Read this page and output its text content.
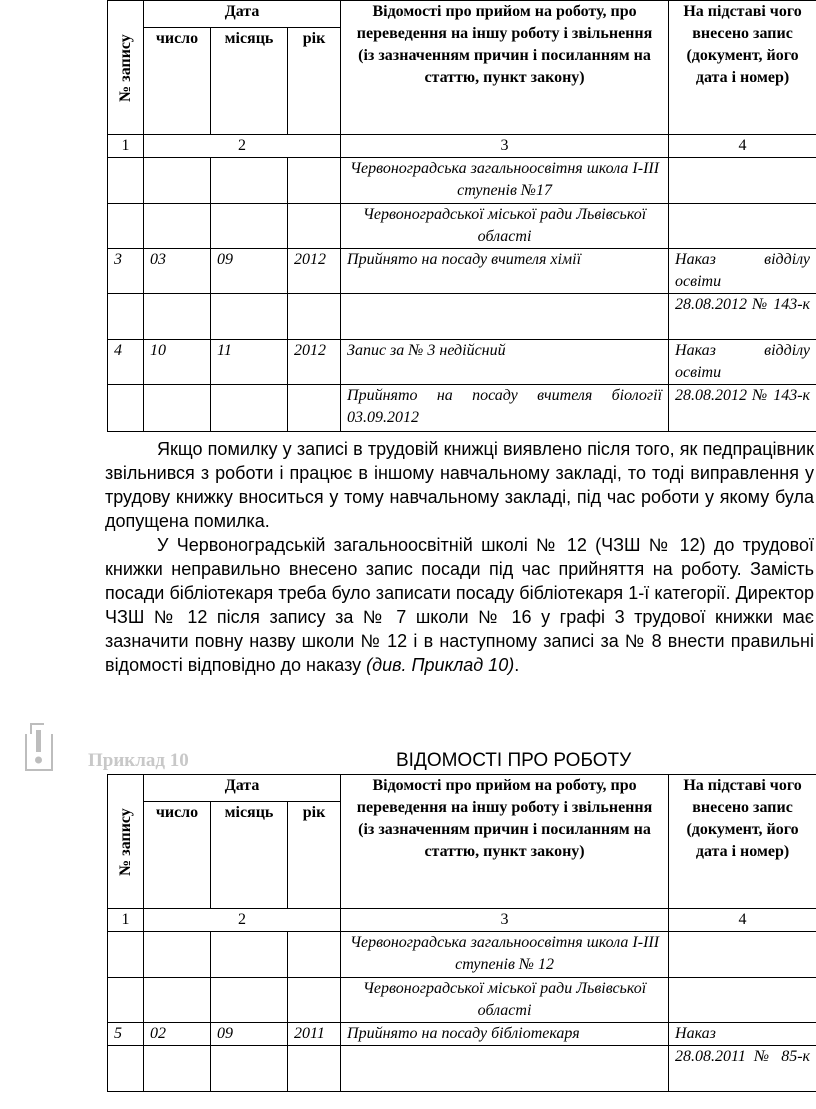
№ запису	Дата			Відомості про прийом на роботу, про переведення на іншу роботу і звільнення (із зазначенням причин і посиланням на статтю, пункт закону)	На підставі чого внесено запис (документ, його дата і номер)
	число	місяць	рік		
1	2			3	4
				Червоноградська загальноосвітня школа І-ІІІ ступенів №17	
				Червоноградської міської ради Львівської області	
3	03	09	2012	Прийнято на посаду вчителя хімії	Наказ відділу освіти
					28.08.2012 № 143-к
4	10	11	2012	Запис за № 3 недійсний	Наказ відділу освіти
				Прийнято на посаду вчителя біології 03.09.2012	28.08.2012 № 143-к

Якщо помилку у записі в трудовій книжці виявлено після того, як педпрацівник звільнився з роботи і працює в іншому навчальному закладі, то тоді виправлення у трудову книжку вноситься у тому навчальному закладі, під час роботи у якому була допущена помилка.

У Червоноградській загальноосвітній школі № 12 (ЧЗШ № 12) до трудової книжки неправильно внесено запис посади під час прийняття на роботу. Замість посади бібліотекаря треба було записати посаду бібліотекаря 1-ї категорії. Директор ЧЗШ № 12 після запису за № 7 школи № 16 у графі 3 трудової книжки має зазначити повну назву школи № 12 і в наступному записі за № 8 внести правильні відомості відповідно до наказу (див. Приклад 10).

Приклад 10	ВІДОМОСТІ ПРО РОБОТУ
№ запису	Дата			Відомості про прийом на роботу, про переведення на іншу роботу і звільнення (із зазначенням причин і посиланням на статтю, пункт закону)	На підставі чого внесено запис (документ, його дата і номер)
	число	місяць	рік		
1	2			3	4
				Червоноградська загальноосвітня школа І-ІІІ ступенів № 12	
				Червоноградської міської ради Львівської області	
5	02	09	2011	Прийнято на посаду бібліотекаря	Наказ
					28.08.2011 № 85-к
